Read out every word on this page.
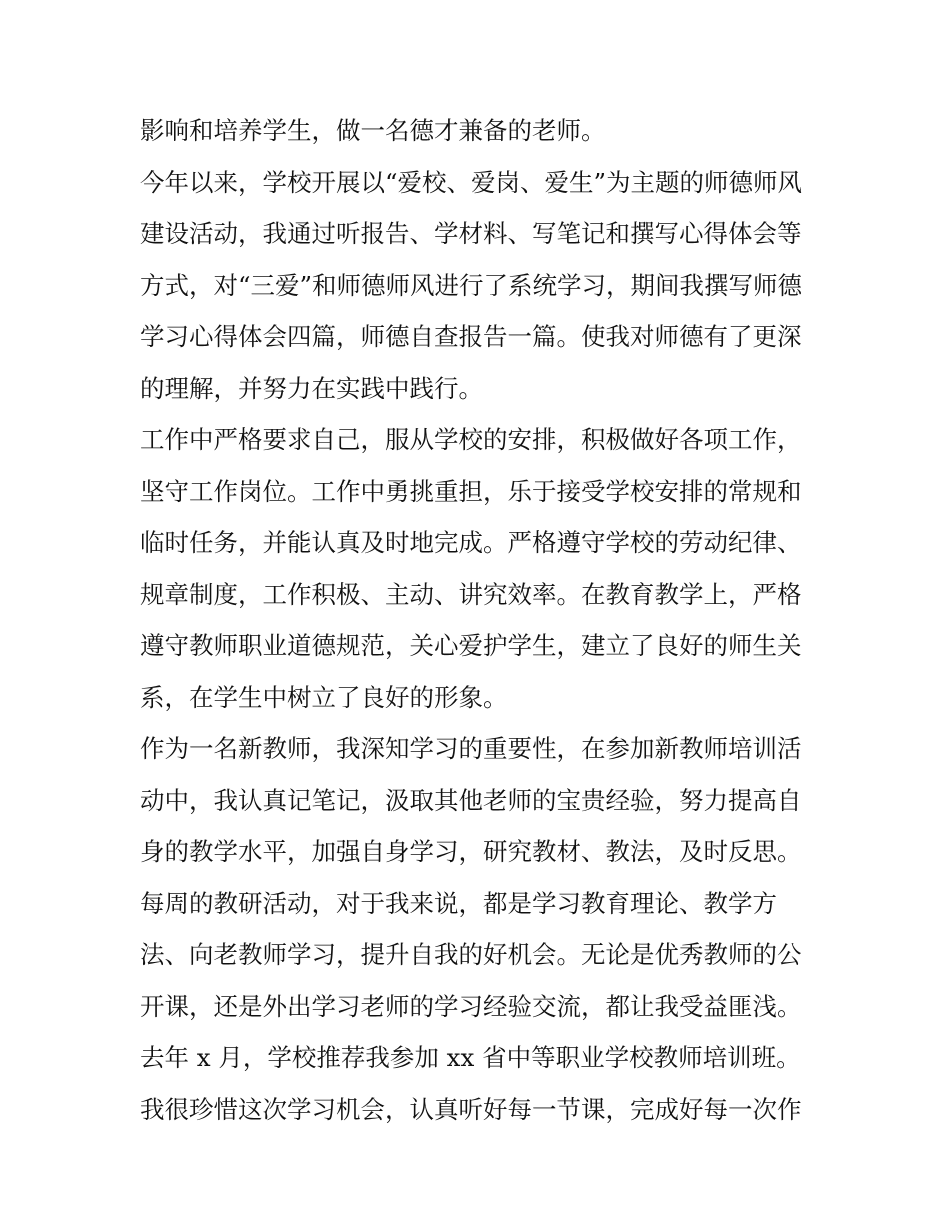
影响和培养学生，做一名德才兼备的老师。
今年以来，学校开展以“爱校、爱岗、爱生”为主题的师德师风
建设活动，我通过听报告、学材料、写笔记和撰写心得体会等
方式，对“三爱”和师德师风进行了系统学习，期间我撰写师德
学习心得体会四篇，师德自查报告一篇。使我对师德有了更深
的理解，并努力在实践中践行。
工作中严格要求自己，服从学校的安排，积极做好各项工作，
坚守工作岗位。工作中勇挑重担，乐于接受学校安排的常规和
临时任务，并能认真及时地完成。严格遵守学校的劳动纪律、
规章制度，工作积极、主动、讲究效率。在教育教学上，严格
遵守教师职业道德规范，关心爱护学生，建立了良好的师生关
系，在学生中树立了良好的形象。
作为一名新教师，我深知学习的重要性，在参加新教师培训活
动中，我认真记笔记，汲取其他老师的宝贵经验，努力提高自
身的教学水平，加强自身学习，研究教材、教法，及时反思。
每周的教研活动，对于我来说，都是学习教育理论、教学方
法、向老教师学习，提升自我的好机会。无论是优秀教师的公
开课，还是外出学习老师的学习经验交流，都让我受益匪浅。
去年 x 月，学校推荐我参加 xx 省中等职业学校教师培训班。
我很珍惜这次学习机会，认真听好每一节课，完成好每一次作
